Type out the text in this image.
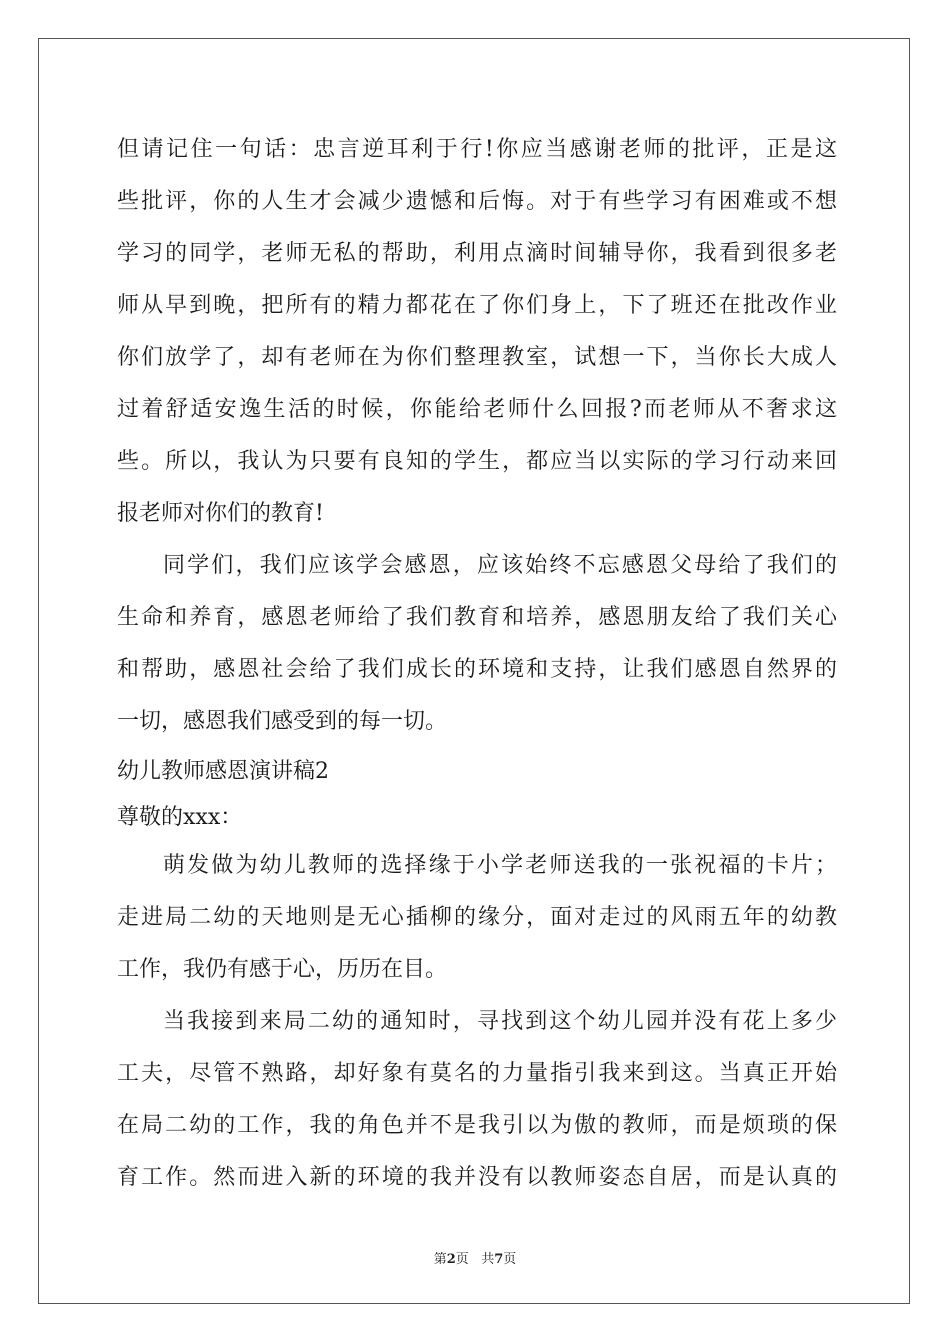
但请记住一句话：忠言逆耳利于行!你应当感谢老师的批评，正是这
些批评，你的人生才会减少遗憾和后悔。对于有些学习有困难或不想
学习的同学，老师无私的帮助，利用点滴时间辅导你，我看到很多老
师从早到晚，把所有的精力都花在了你们身上，下了班还在批改作业
你们放学了，却有老师在为你们整理教室，试想一下，当你长大成人
过着舒适安逸生活的时候，你能给老师什么回报?而老师从不奢求这
些。所以，我认为只要有良知的学生，都应当以实际的学习行动来回
报老师对你们的教育!
同学们，我们应该学会感恩，应该始终不忘感恩父母给了我们的
生命和养育，感恩老师给了我们教育和培养，感恩朋友给了我们关心
和帮助，感恩社会给了我们成长的环境和支持，让我们感恩自然界的
一切，感恩我们感受到的每一切。
幼儿教师感恩演讲稿2
尊敬的xxx：
萌发做为幼儿教师的选择缘于小学老师送我的一张祝福的卡片；
走进局二幼的天地则是无心插柳的缘分，面对走过的风雨五年的幼教
工作，我仍有感于心，历历在目。
当我接到来局二幼的通知时，寻找到这个幼儿园并没有花上多少
工夫，尽管不熟路，却好象有莫名的力量指引我来到这。当真正开始
在局二幼的工作，我的角色并不是我引以为傲的教师，而是烦琐的保
育工作。然而进入新的环境的我并没有以教师姿态自居，而是认真的
第2页   共7页
